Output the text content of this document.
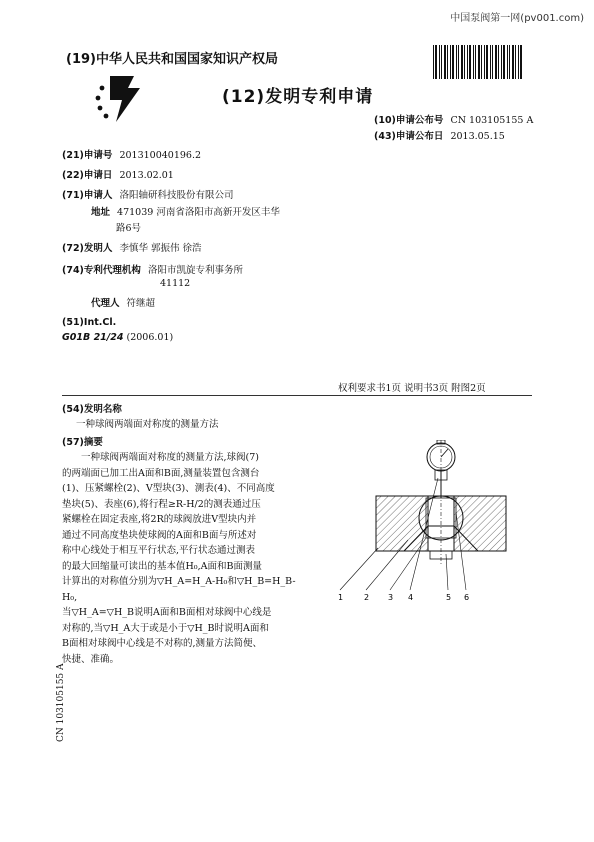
中国泵阀第一网(pv001.com)
(19)中华人民共和国国家知识产权局
(12)发明专利申请
(10)申请公布号 CN 103105155 A
(43)申请公布日 2013.05.15
(21)申请号 201310040196.2
(22)申请日 2013.02.01
(71)申请人 洛阳轴研科技股份有限公司
地址 471039 河南省洛阳市高新开发区丰华
路6号
(72)发明人 李慎华 郭振伟 徐浩
(74)专利代理机构 洛阳市凯旋专利事务所
41112
代理人 符继超
(51)Int.Cl.
G01B 21/24 (2006.01)
权利要求书1页 说明书3页 附图2页
(54)发明名称
一种球阀两端面对称度的测量方法
(57)摘要

一种球阀两端面对称度的测量方法,球阀(7)

的两端面已加工出A面和B面,测量装置包含测台

(1)、压紧螺栓(2)、V型块(3)、测表(4)、不同高度

垫块(5)、表座(6),将行程≥R-H/2的测表通过压

紧螺栓在固定表座,将2R的球阀放进V型块内并

通过不同高度垫块使球阀的A面和B面与所述对

称中心线处于相互平行状态,平行状态通过测表

的最大回缩量可读出的基本值H₀,A面和B面测量

计算出的对称值分别为▽H_A=H_A-H₀和▽H_B=H_B-H₀,

当▽H_A=▽H_B说明A面和B面相对球阀中心线是

对称的,当▽H_A大于或是小于▽H_B时说明A面和

B面相对球阀中心线是不对称的,测量方法简便、

快捷、准确。

1	2 3 4	5 6
CN 103105155 A
